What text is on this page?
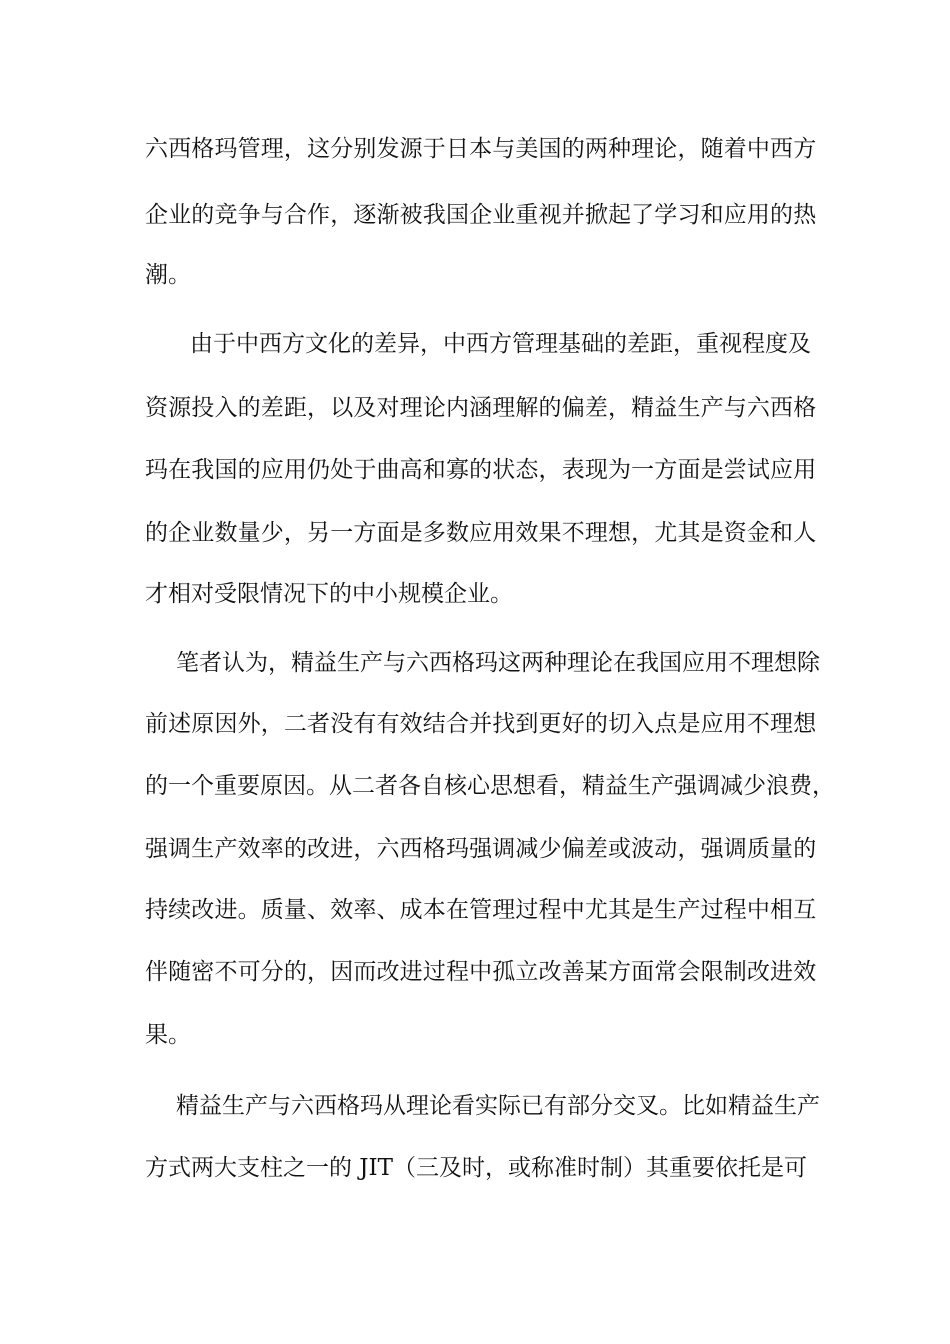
六西格玛管理，这分别发源于日本与美国的两种理论，随着中西方
企业的竞争与合作，逐渐被我国企业重视并掀起了学习和应用的热
潮。
　由于中西方文化的差异，中西方管理基础的差距，重视程度及
资源投入的差距，以及对理论内涵理解的偏差，精益生产与六西格
玛在我国的应用仍处于曲高和寡的状态，表现为一方面是尝试应用
的企业数量少，另一方面是多数应用效果不理想，尤其是资金和人
才相对受限情况下的中小规模企业。
笔者认为，精益生产与六西格玛这两种理论在我国应用不理想除
前述原因外，二者没有有效结合并找到更好的切入点是应用不理想
的一个重要原因。从二者各自核心思想看，精益生产强调减少浪费，
强调生产效率的改进，六西格玛强调减少偏差或波动，强调质量的
持续改进。质量、效率、成本在管理过程中尤其是生产过程中相互
伴随密不可分的，因而改进过程中孤立改善某方面常会限制改进效
果。
精益生产与六西格玛从理论看实际已有部分交叉。比如精益生产
方式两大支柱之一的 JIT（三及时，或称准时制）其重要依托是可
